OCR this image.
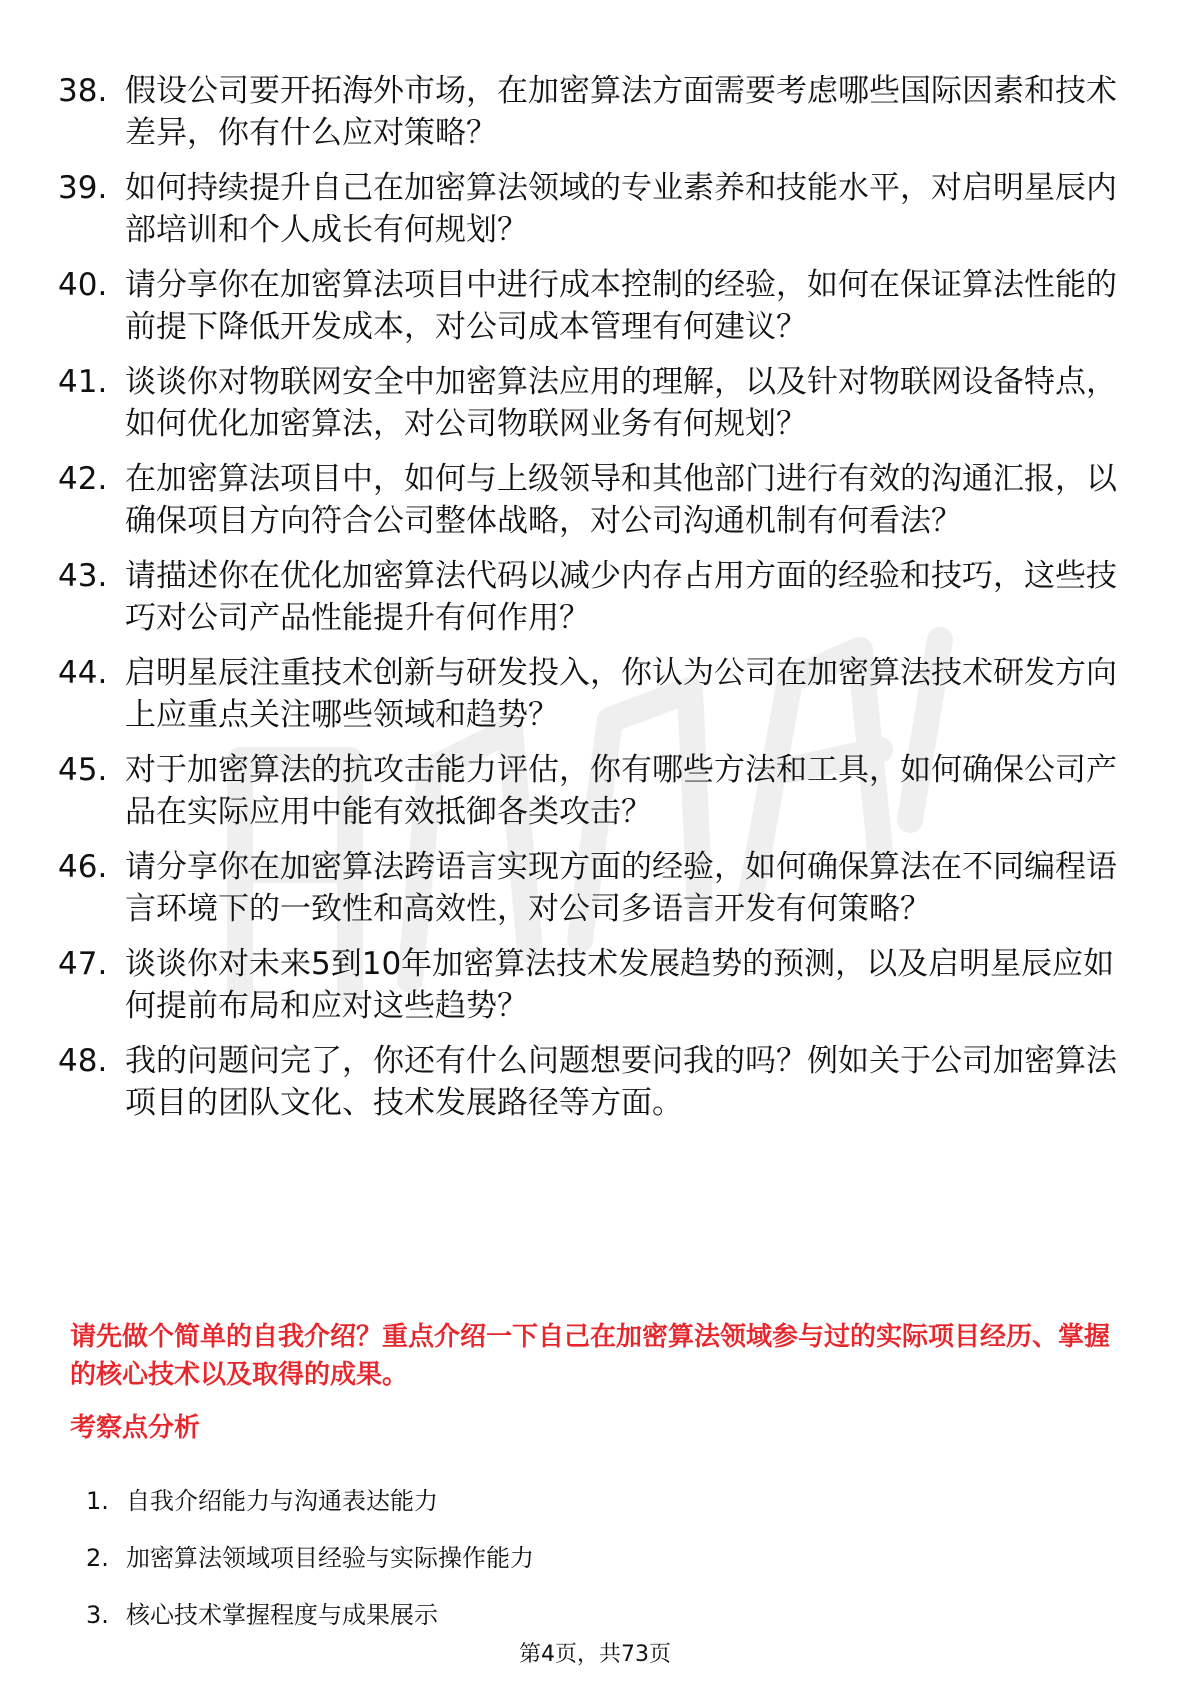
38. 假设公司要开拓海外市场，在加密算法方面需要考虑哪些国际因素和技术差异，你有什么应对策略？
39. 如何持续提升自己在加密算法领域的专业素养和技能水平，对启明星辰内部培训和个人成长有何规划？
40. 请分享你在加密算法项目中进行成本控制的经验，如何在保证算法性能的前提下降低开发成本，对公司成本管理有何建议？
41. 谈谈你对物联网安全中加密算法应用的理解，以及针对物联网设备特点，如何优化加密算法，对公司物联网业务有何规划？
42. 在加密算法项目中，如何与上级领导和其他部门进行有效的沟通汇报，以确保项目方向符合公司整体战略，对公司沟通机制有何看法？
43. 请描述你在优化加密算法代码以减少内存占用方面的经验和技巧，这些技巧对公司产品性能提升有何作用？
44. 启明星辰注重技术创新与研发投入，你认为公司在加密算法技术研发方向上应重点关注哪些领域和趋势？
45. 对于加密算法的抗攻击能力评估，你有哪些方法和工具，如何确保公司产品在实际应用中能有效抵御各类攻击？
46. 请分享你在加密算法跨语言实现方面的经验，如何确保算法在不同编程语言环境下的一致性和高效性，对公司多语言开发有何策略？
47. 谈谈你对未来5到10年加密算法技术发展趋势的预测，以及启明星辰应如何提前布局和应对这些趋势？
48. 我的问题问完了，你还有什么问题想要问我的吗？例如关于公司加密算法项目的团队文化、技术发展路径等方面。

请先做个简单的自我介绍？重点介绍一下自己在加密算法领域参与过的实际项目经历、掌握的核心技术以及取得的成果。

考察点分析
1. 自我介绍能力与沟通表达能力
2. 加密算法领域项目经验与实际操作能力
3. 核心技术掌握程度与成果展示
第4页，共73页
